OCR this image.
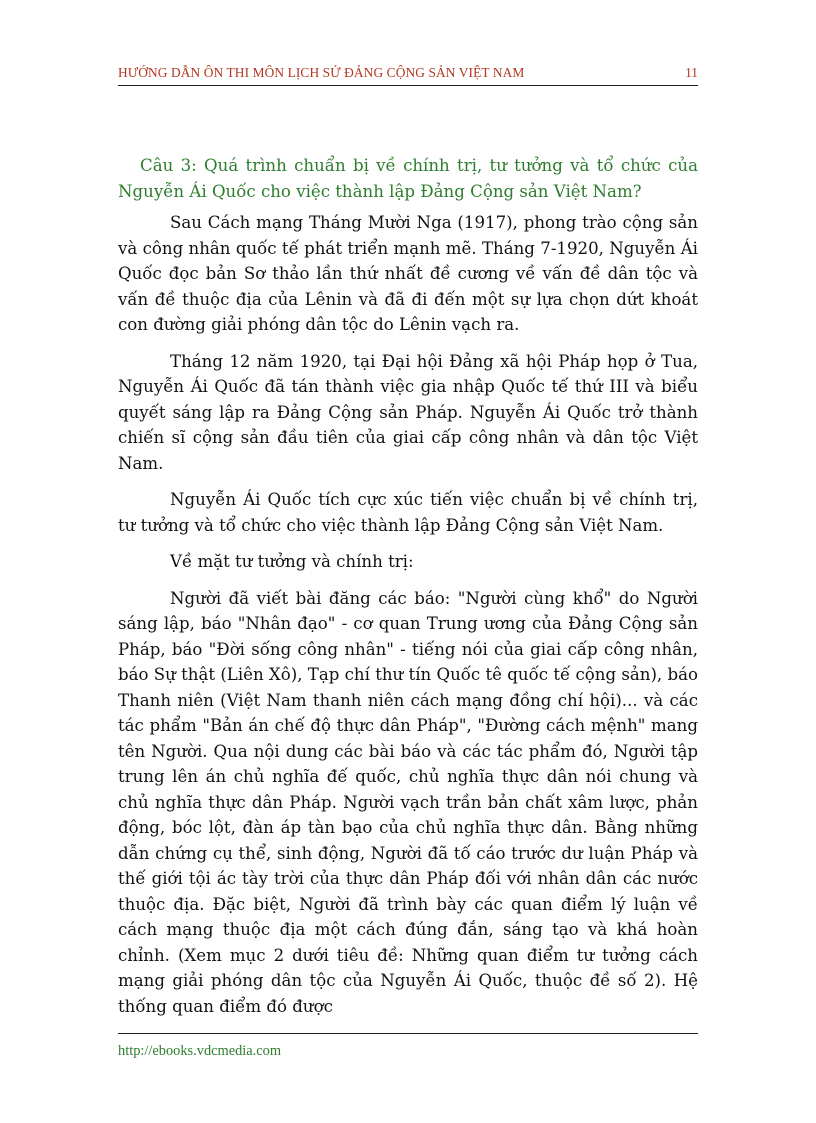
HƯỚNG DẪN ÔN THI MÔN LỊCH SỬ ĐẢNG CỘNG SẢN VIỆT NAM	11

Câu 3: Quá trình chuẩn bị về chính trị, tư tưởng và tổ chức của Nguyễn Ái Quốc cho việc thành lập Đảng Cộng sản Việt Nam?

Sau Cách mạng Tháng Mười Nga (1917), phong trào cộng sản và công nhân quốc tế phát triển mạnh mẽ. Tháng 7-1920, Nguyễn Ái Quốc đọc bản Sơ thảo lần thứ nhất đề cương về vấn đề dân tộc và vấn đề thuộc địa của Lênin và đã đi đến một sự lựa chọn dứt khoát con đường giải phóng dân tộc do Lênin vạch ra.

Tháng 12 năm 1920, tại Đại hội Đảng xã hội Pháp họp ở Tua, Nguyễn Ái Quốc đã tán thành việc gia nhập Quốc tế thứ III và biểu quyết sáng lập ra Đảng Cộng sản Pháp. Nguyễn Ái Quốc trở thành chiến sĩ cộng sản đầu tiên của giai cấp công nhân và dân tộc Việt Nam.

Nguyễn Ái Quốc tích cực xúc tiến việc chuẩn bị về chính trị, tư tưởng và tổ chức cho việc thành lập Đảng Cộng sản Việt Nam.

Về mặt tư tưởng và chính trị:

Người đã viết bài đăng các báo: "Người cùng khổ" do Người sáng lập, báo "Nhân đạo" - cơ quan Trung ương của Đảng Cộng sản Pháp, báo "Đời sống công nhân" - tiếng nói của giai cấp công nhân, báo Sự thật (Liên Xô), Tạp chí thư tín Quốc tê quốc tế cộng sản), báo Thanh niên (Việt Nam thanh niên cách mạng đồng chí hội)... và các tác phẩm "Bản án chế độ thực dân Pháp", "Đường cách mệnh" mang tên Người. Qua nội dung các bài báo và các tác phẩm đó, Người tập trung lên án chủ nghĩa đế quốc, chủ nghĩa thực dân nói chung và chủ nghĩa thực dân Pháp. Người vạch trần bản chất xâm lược, phản động, bóc lột, đàn áp tàn bạo của chủ nghĩa thực dân. Bằng những dẫn chứng cụ thể, sinh động, Người đã tố cáo trước dư luận Pháp và thế giới tội ác tày trời của thực dân Pháp đối với nhân dân các nước thuộc địa. Đặc biệt, Người đã trình bày các quan điểm lý luận về cách mạng thuộc địa một cách đúng đắn, sáng tạo và khá hoàn chỉnh. (Xem mục 2 dưới tiêu đề: Những quan điểm tư tưởng cách mạng giải phóng dân tộc của Nguyễn Ái Quốc, thuộc đề số 2). Hệ thống quan điểm đó được

http://ebooks.vdcmedia.com
